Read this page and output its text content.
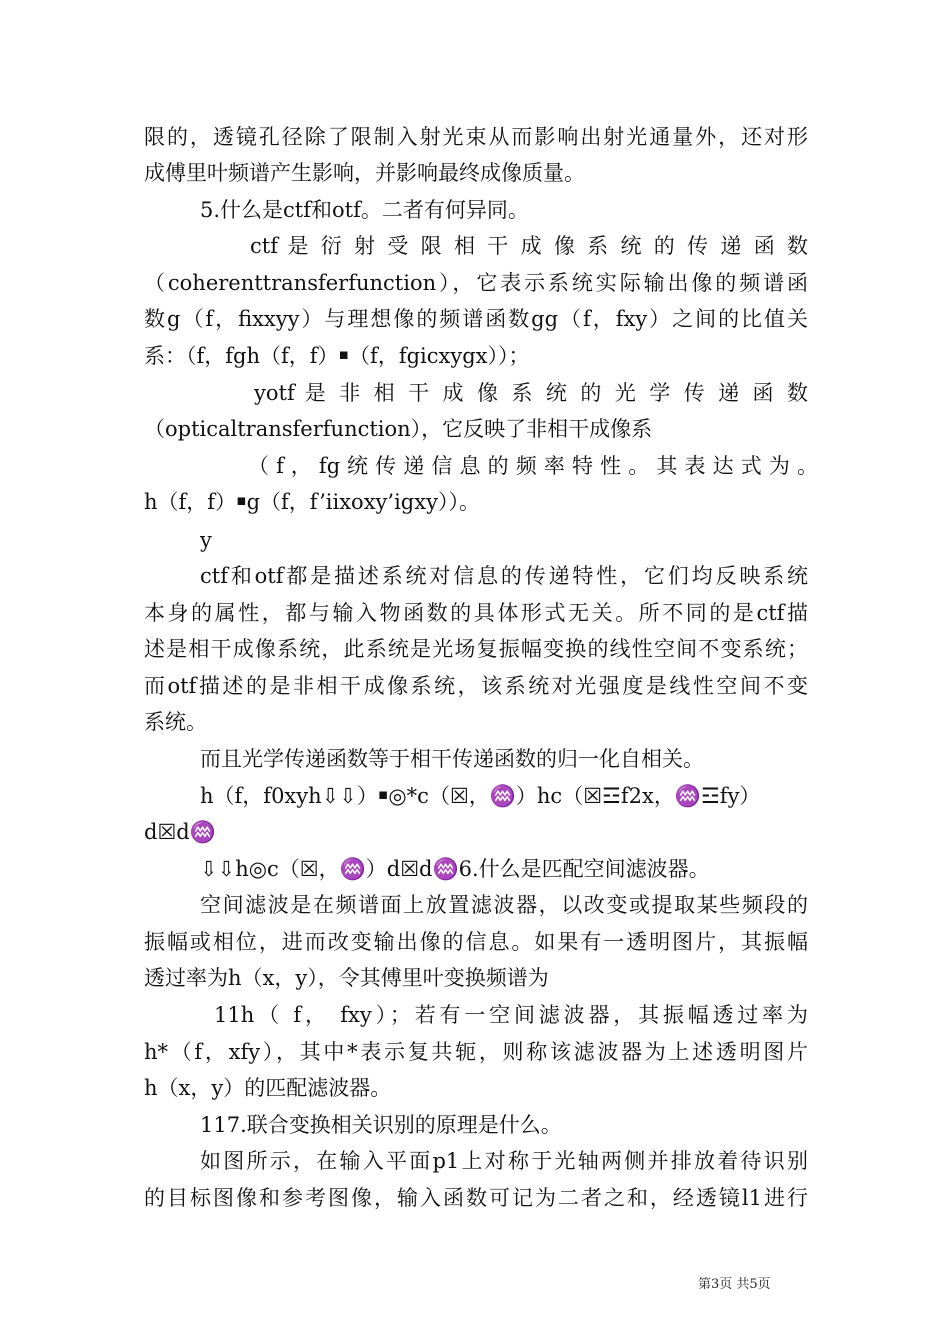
限的，透镜孔径除了限制入射光束从而影响出射光通量外，还对形
成傅里叶频谱产生影响，并影响最终成像质量。
5.什么是ctf和otf。二者有何异同。
ctf 是 衍 射 受 限 相 干 成 像 系 统 的 传 递 函 数
（coherenttransferfunction），它表示系统实际输出像的频谱函
数g（f，fixxyy）与理想像的频谱函数gg（f，fxy）之间的比值关
系：（f，fgh（f，f）￭（f，fgicxygx））；
yotf 是 非 相 干 成 像 系 统 的 光 学 传 递 函 数
（opticaltransferfunction），它反映了非相干成像系
（ f ， fg 统 传 递 信 息 的 频 率 特 性 。 其 表 达 式 为 。
h（f，f）￭g（f，f’iixoxy’igxy））。
y
ctf和otf都是描述系统对信息的传递特性，它们均反映系统
本身的属性，都与输入物函数的具体形式无关。所不同的是ctf描
述是相干成像系统，此系统是光场复振幅变换的线性空间不变系统；
而otf描述的是非相干成像系统，该系统对光强度是线性空间不变
系统。
而且光学传递函数等于相干传递函数的归一化自相关。
h（f，f0xyh⇩⇩）￭◎*c（☒，♒）hc（☒☲f2x，♒☲fy）
d☒d♒
⇩⇩h◎c（☒，♒）d☒d♒6.什么是匹配空间滤波器。
空间滤波是在频谱面上放置滤波器，以改变或提取某些频段的
振幅或相位，进而改变输出像的信息。如果有一透明图片，其振幅
透过率为h（x，y），令其傅里叶变换频谱为
11h（ f， fxy）；若有一空间滤波器，其振幅透过率为
h*（f，xfy），其中*表示复共轭，则称该滤波器为上述透明图片
h（x，y）的匹配滤波器。
117.联合变换相关识别的原理是什么。
如图所示，在输入平面p1上对称于光轴两侧并排放着待识别
的目标图像和参考图像，输入函数可记为二者之和，经透镜l1进行
第3页 共5页
